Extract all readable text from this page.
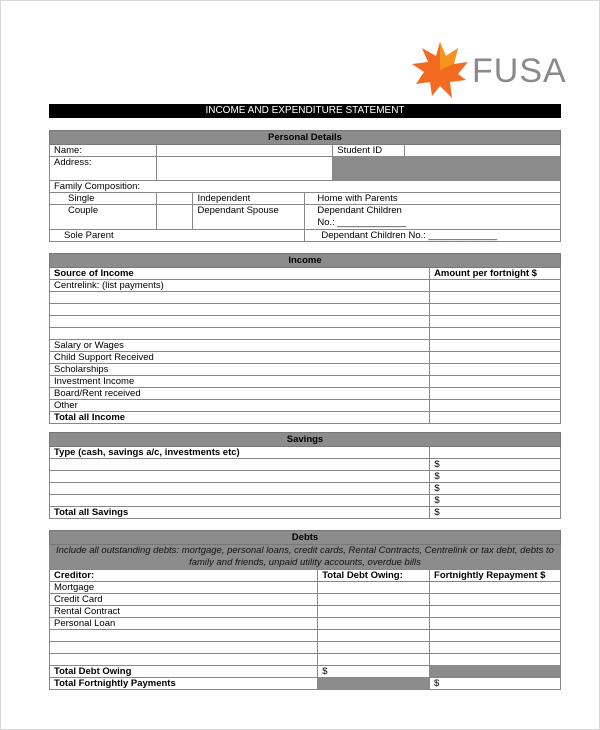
FUSA
INCOME AND EXPENDITURE STATEMENT
Personal Details					
Name:				Student ID	
Address:					
Family Composition:					
Single		Independent	Home with Parents		
Couple		Dependant Spouse	Dependant Children
No.: _____________		

Sole Parent			Dependant Children No.: _____________		
Income	
Source of Income	Amount per fortnight $
Centrelink: (list payments)	

Salary or Wages	
Child Support Received	
Scholarships	
Investment Income	
Board/Rent received	
Other	
Total all Income	
Savings	
Type (cash, savings a/c, investments etc)	
	$
	$
	$
	$
Total all Savings	$
Debts		
Include all outstanding debts: mortgage, personal loans, credit cards, Rental Contracts, Centrelink or tax debt, debts to family and friends, unpaid utility accounts, overdue bills		
Creditor:	Total Debt Owing:	Fortnightly Repayment $
Mortgage		
Credit Card		
Rental Contract		
Personal Loan		

Total Debt Owing	$	
Total Fortnightly Payments		$
